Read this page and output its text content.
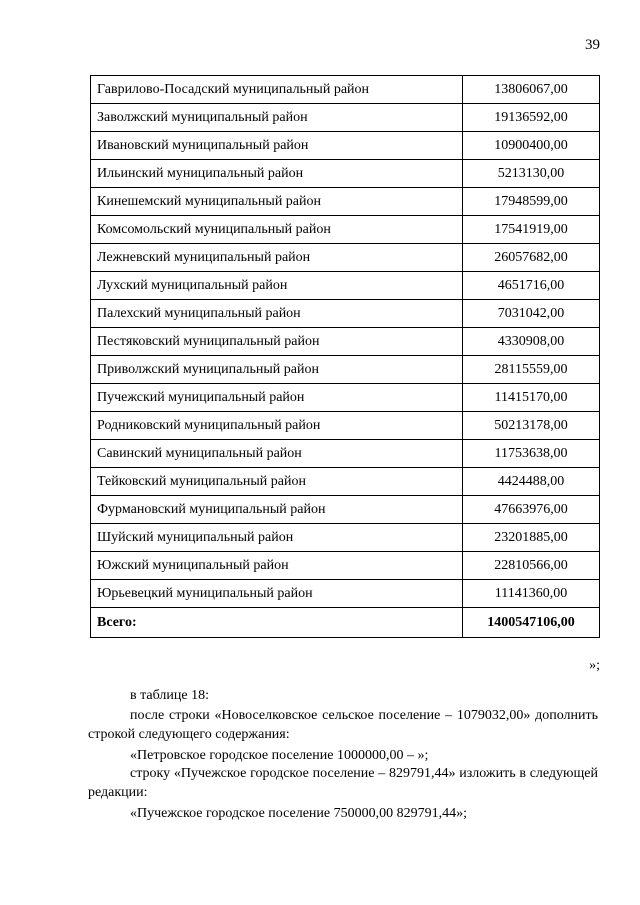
39
Гаврилово-Посадский муниципальный район	13806067,00
Заволжский муниципальный район	19136592,00
Ивановский муниципальный район	10900400,00
Ильинский муниципальный район	5213130,00
Кинешемский муниципальный район	17948599,00
Комсомольский муниципальный район	17541919,00
Лежневский муниципальный район	26057682,00
Лухский муниципальный район	4651716,00
Палехский муниципальный район	7031042,00
Пестяковский муниципальный район	4330908,00
Приволжский муниципальный район	28115559,00
Пучежский муниципальный район	11415170,00
Родниковский муниципальный район	50213178,00
Савинский муниципальный район	11753638,00
Тейковский муниципальный район	4424488,00
Фурмановский муниципальный район	47663976,00
Шуйский муниципальный район	23201885,00
Южский муниципальный район	22810566,00
Юрьевецкий муниципальный район	11141360,00
Всего:	1400547106,00
»;

в таблице 18:

после строки «Новоселковское сельское поселение – 1079032,00» дополнить строкой следующего содержания:

«Петровское городское поселение 1000000,00 – »;

строку «Пучежское городское поселение – 829791,44» изложить в следующей редакции:

«Пучежское городское поселение 750000,00 829791,44»;
